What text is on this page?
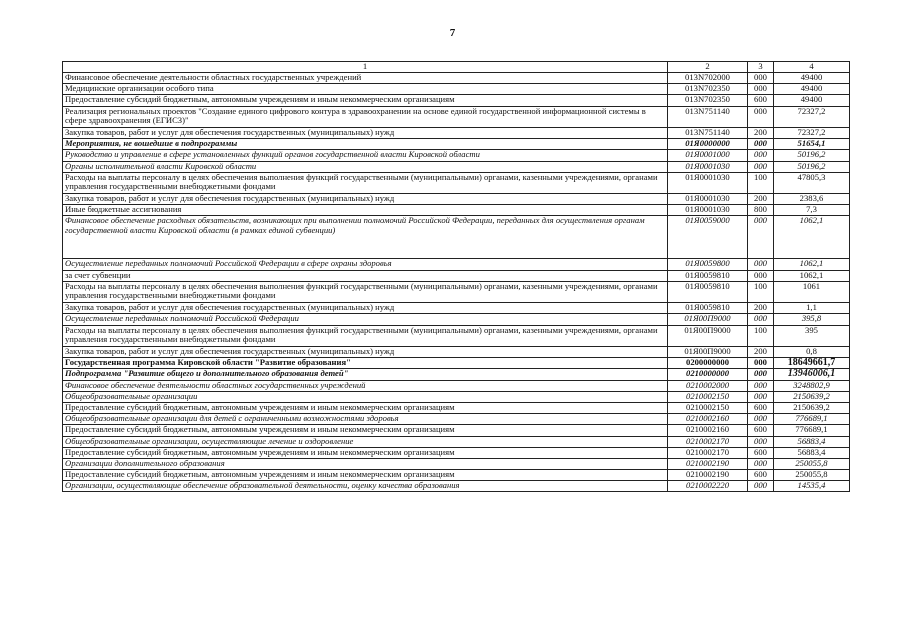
7
1	2	3	4
Финансовое обеспечение деятельности областных государственных учреждений	013N702000	000	49400
Медицинские организации особого типа	013N702350	000	49400
Предоставление субсидий бюджетным, автономным учреждениям и иным некоммерческим организациям	013N702350	600	49400
Реализация региональных проектов "Создание единого цифрового контура в здравоохранении на основе единой государственной информационной системы в сфере здравоохранения (ЕГИСЗ)"	013N751140	000	72327,2
Закупка товаров, работ и услуг для обеспечения государственных (муниципальных) нужд	013N751140	200	72327,2
Мероприятия, не вошедшие в подпрограммы	01Я0000000	000	51654,1
Руководство и управление в сфере установленных функций органов государственной власти Кировской области	01Я0001000	000	50196,2
Органы исполнительной власти Кировской области	01Я0001030	000	50196,2
Расходы на выплаты персоналу в целях обеспечения выполнения функций государственными (муниципальными) органами, казенными учреждениями, органами управления государственными внебюджетными фондами	01Я0001030	100	47805,3
Закупка товаров, работ и услуг для обеспечения государственных (муниципальных) нужд	01Я0001030	200	2383,6
Иные бюджетные ассигнования	01Я0001030	800	7,3
Финансовое обеспечение расходных обязательств, возникающих при выполнении полномочий Российской Федерации, переданных для осуществления органам государственной власти Кировской области (в рамках единой субвенции)	01Я0059000	000	1062,1
Осуществление переданных полномочий Российской Федерации в сфере охраны здоровья	01Я0059800	000	1062,1
за счет субвенции	01Я0059810	000	1062,1
Расходы на выплаты персоналу в целях обеспечения выполнения функций государственными (муниципальными) органами, казенными учреждениями, органами управления государственными внебюджетными фондами	01Я0059810	100	1061
Закупка товаров, работ и услуг для обеспечения государственных (муниципальных) нужд	01Я0059810	200	1,1
Осуществление переданных полномочий Российской Федерации	01Я00П9000	000	395,8
Расходы на выплаты персоналу в целях обеспечения выполнения функций государственными (муниципальными) органами, казенными учреждениями, органами управления государственными внебюджетными фондами	01Я00П9000	100	395
Закупка товаров, работ и услуг для обеспечения государственных (муниципальных) нужд	01Я00П9000	200	0,8
Государственная программа Кировской области "Развитие образования"	0200000000	000	18649661,7
Подпрограмма "Развитие общего и дополнительного образования детей"	0210000000	000	13946006,1
Финансовое обеспечение деятельности областных государственных учреждений	0210002000	000	3248802,9
Общеобразовательные организации	0210002150	000	2150639,2
Предоставление субсидий бюджетным, автономным учреждениям и иным некоммерческим организациям	0210002150	600	2150639,2
Общеобразовательные организации для детей с ограниченными возможностями здоровья	0210002160	000	776689,1
Предоставление субсидий бюджетным, автономным учреждениям и иным некоммерческим организациям	0210002160	600	776689,1
Общеобразовательные организации, осуществляющие лечение и оздоровление	0210002170	000	56883,4
Предоставление субсидий бюджетным, автономным учреждениям и иным некоммерческим организациям	0210002170	600	56883,4
Организации дополнительного образования	0210002190	000	250055,8
Предоставление субсидий бюджетным, автономным учреждениям и иным некоммерческим организациям	0210002190	600	250055,8
Организации, осуществляющие обеспечение образовательной деятельности, оценку качества образования	0210002220	000	14535,4
